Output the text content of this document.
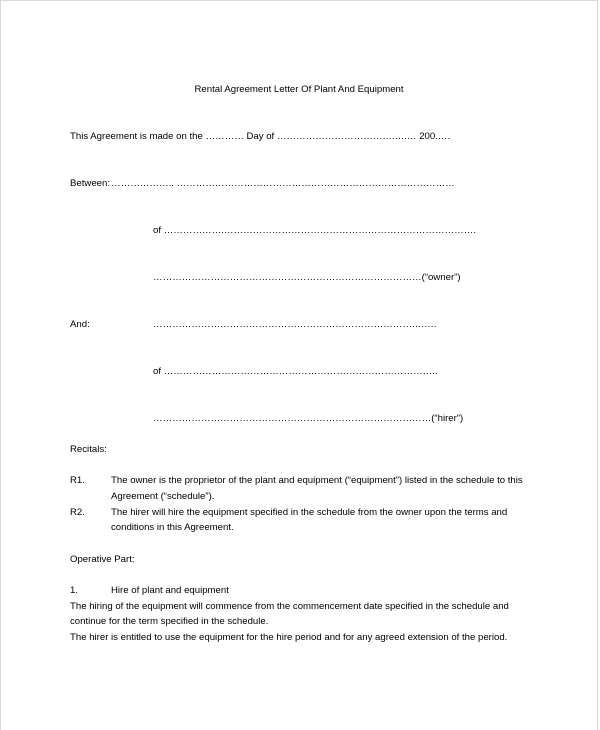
Rental Agreement Letter Of Plant And Equipment
This Agreement is made on the ………… Day of ……………………………….….… 200.….
Between: ……………….. ……………………………………………………………………………
of ……………….…………………………………………………………………….
…………………………………………………………………………(“owner”)
And:	……………………………………………………………………….…….
of …………………………………………………………………………..
……………………………………………………………………………(“hirer”)
Recitals:
R1.	The owner is the proprietor of the plant and equipment (“equipment”) listed in the schedule to this
Agreement (“schedule”).
R2.	The hirer will hire the equipment specified in the schedule from the owner upon the terms and
conditions in this Agreement.
Operative Part:
1.	Hire of plant and equipment
The hiring of the equipment will commence from the commencement date specified in the schedule and
continue for the term specified in the schedule.
The hirer is entitled to use the equipment for the hire period and for any agreed extension of the period.
